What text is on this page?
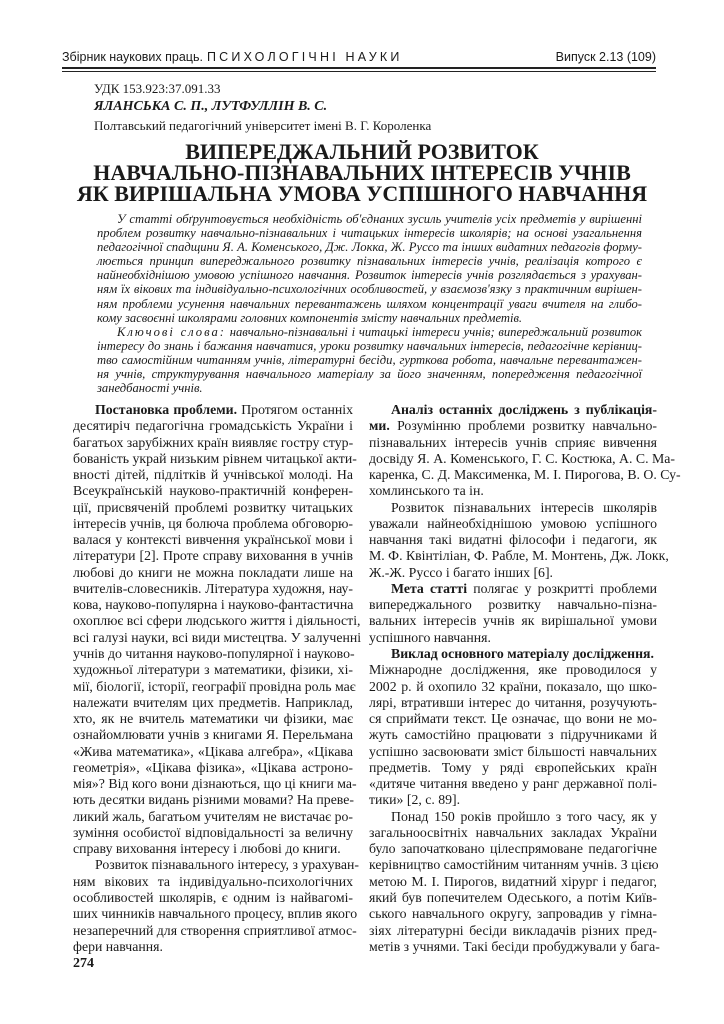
Збірник наукових праць. ПСИХОЛОГІЧНІ НАУКИ	Випуск 2.13 (109)
УДК 153.923:37.091.33
ЯЛАНСЬКА С. П., ЛУТФУЛЛІН В. С.
Полтавський педагогічний університет імені В. Г. Короленка
ВИПЕРЕДЖАЛЬНИЙ РОЗВИТОК
НАВЧАЛЬНО-ПІЗНАВАЛЬНИХ ІНТЕРЕСІВ УЧНІВ
ЯК ВИРІШАЛЬНА УМОВА УСПІШНОГО НАВЧАННЯ
У статті обґрунтовується необхідність об'єднаних зусиль учителів усіх предметів у вирішенні
проблем розвитку навчально-пізнавальних і читацьких інтересів школярів; на основі узагальнення
педагогічної спадщини Я. А. Коменського, Дж. Локка, Ж. Руссо та інших видатних педагогів форму-
люється принцип випереджального розвитку пізнавальних інтересів учнів, реалізація котрого є
найнеобхіднішою умовою успішного навчання. Розвиток інтересів учнів розглядається з урахуван-
ням їх вікових та індивідуально-психологічних особливостей, у взаємозв'язку з практичним вирішен-
ням проблеми усунення навчальних перевантажень шляхом концентрації уваги вчителя на глибо-
кому засвоєнні школярами головних компонентів змісту навчальних предметів.
Ключові слова: навчально-пізнавальні і читацькі інтереси учнів; випереджальний розвиток
інтересу до знань і бажання навчатися, уроки розвитку навчальних інтересів, педагогічне керівниц-
тво самостійним читанням учнів, літературні бесіди, гурткова робота, навчальне перевантажен-
ня учнів, структурування навчального матеріалу за його значенням, попередження педагогічної
занедбаності учнів.
Постановка проблеми. Протягом останніх
десятиріч педагогічна громадськість України і
багатьох зарубіжних країн виявляє гостру стур-
бованість украй низьким рівнем читацької акти-
вності дітей, підлітків й учнівської молоді. На
Всеукраїнській науково-практичній конферен-
ції, присвяченій проблемі розвитку читацьких
інтересів учнів, ця болюча проблема обговорю-
валася у контексті вивчення української мови і
літератури [2]. Проте справу виховання в учнів
любові до книги не можна покладати лише на
вчителів-словесників. Література художня, нау-
кова, науково-популярна і науково-фантастична
охоплює всі сфери людського життя і діяльності,
всі галузі науки, всі види мистецтва. У залученні
учнів до читання науково-популярної і науково-
художньої літератури з математики, фізики, хі-
мії, біології, історії, географії провідна роль має
належати вчителям цих предметів. Наприклад,
хто, як не вчитель математики чи фізики, має
ознайомлювати учнів з книгами Я. Перельмана
«Жива математика», «Цікава алгебра», «Цікава
геометрія», «Цікава фізика», «Цікава астроно-
мія»? Від кого вони дізнаються, що ці книги ма-
ють десятки видань різними мовами? На преве-
ликий жаль, багатьом учителям не вистачає ро-
зуміння особистої відповідальності за величну
справу виховання інтересу і любові до книги.
Розвиток пізнавального інтересу, з урахуван-
ням вікових та індивідуально-психологічних
особливостей школярів, є одним із найвагомі-
ших чинників навчального процесу, вплив якого
незаперечний для створення сприятливої атмос-
фери навчання.
Аналіз останніх досліджень з публікація-
ми. Розумінню проблеми розвитку навчально-
пізнавальних інтересів учнів сприяє вивчення
досвіду Я. А. Коменського, Г. С. Костюка, А. С. Ма-
каренка, С. Д. Максименка, М. І. Пирогова, В. О. Су-
хомлинського та ін.
Розвиток пізнавальних інтересів школярів
уважали найнеобхіднішою умовою успішного
навчання такі видатні філософи і педагоги, як
М. Ф. Квінтіліан, Ф. Рабле, М. Монтень, Дж. Локк,
Ж.-Ж. Руссо і багато інших [6].
Мета статті полягає у розкритті проблеми
випереджального розвитку навчально-пізна-
вальних інтересів учнів як вирішальної умови
успішного навчання.
Виклад основного матеріалу дослідження.
Міжнародне дослідження, яке проводилося у
2002 р. й охопило 32 країни, показало, що шко-
лярі, втративши інтерес до читання, розучують-
ся сприймати текст. Це означає, що вони не мо-
жуть самостійно працювати з підручниками й
успішно засвоювати зміст більшості навчальних
предметів. Тому у ряді європейських країн
«дитяче читання введено у ранг державної полі-
тики» [2, с. 89].
Понад 150 років пройшло з того часу, як у
загальноосвітніх навчальних закладах України
було започатковано цілеспрямоване педагогічне
керівництво самостійним читанням учнів. З цією
метою М. І. Пирогов, видатний хірург і педагог,
який був попечителем Одеського, а потім Київ-
ського навчального округу, запровадив у гімна-
зіях літературні бесіди викладачів різних пред-
метів з учнями. Такі бесіди пробуджували у бага-
274
